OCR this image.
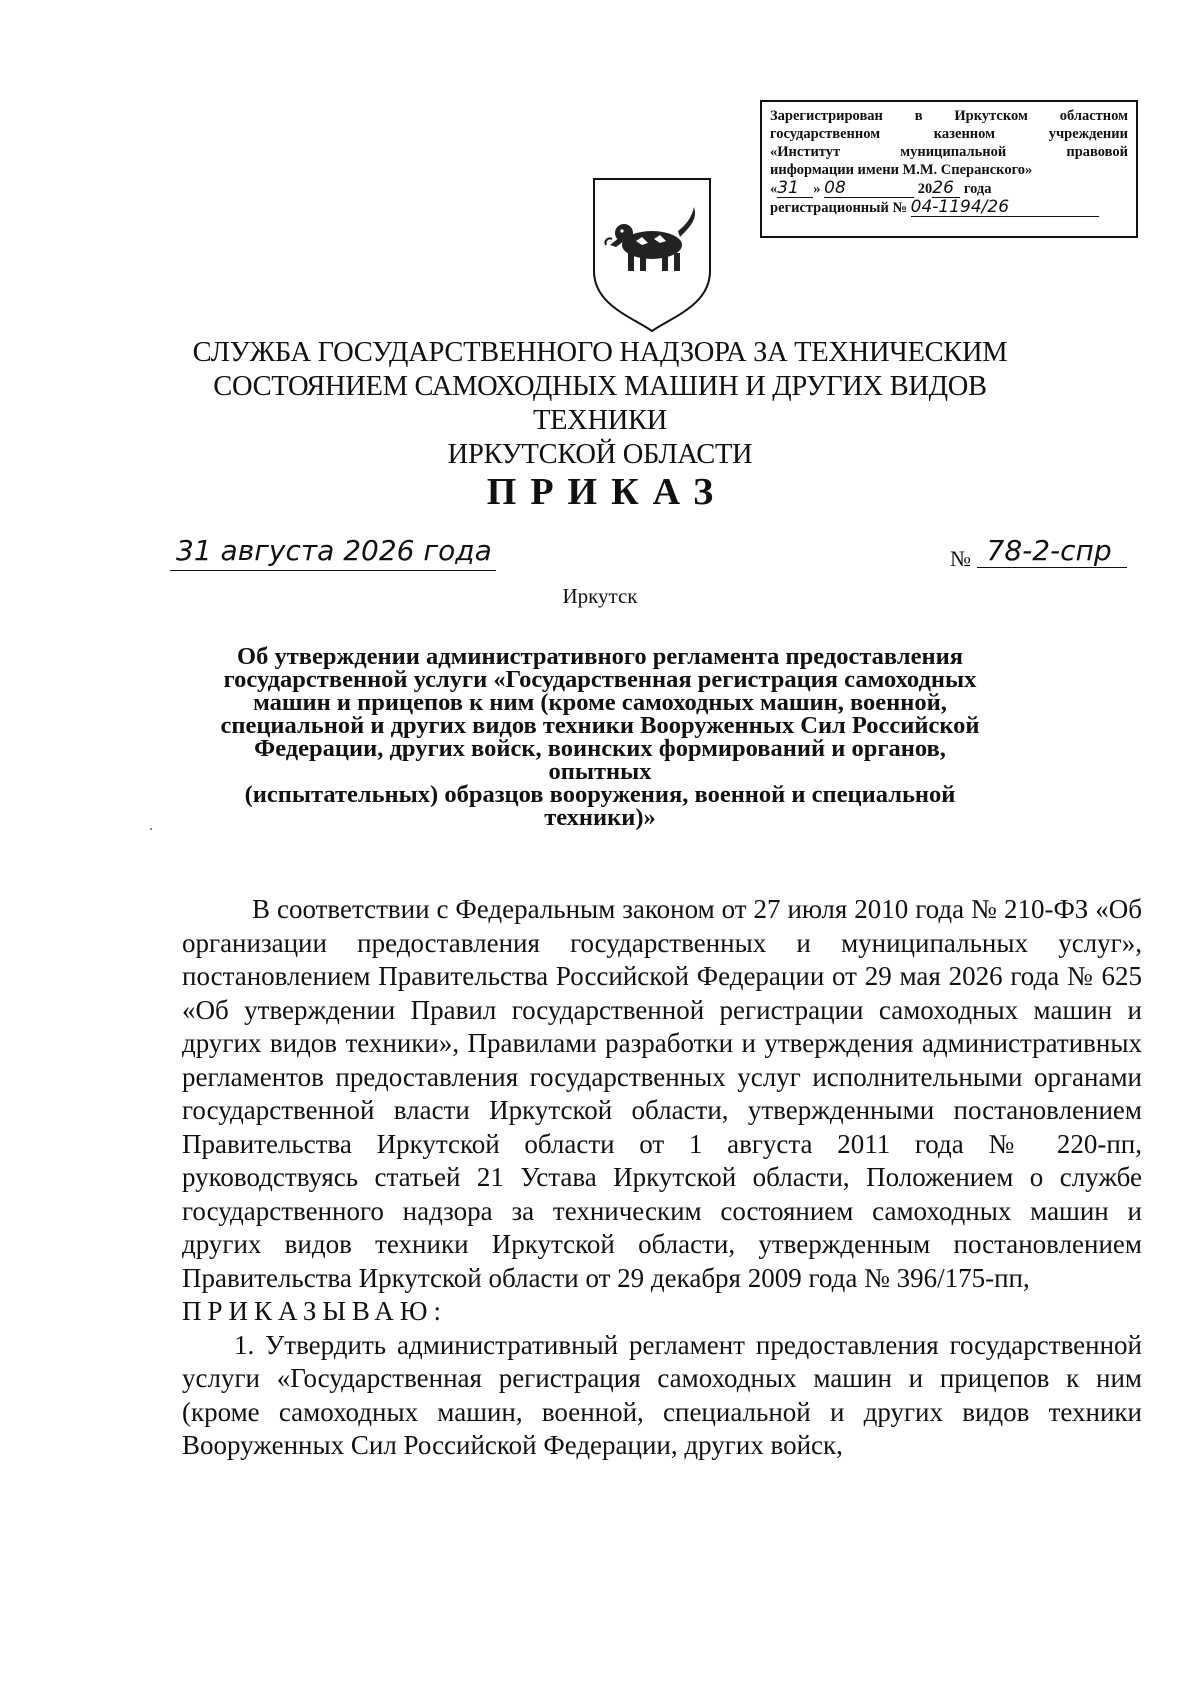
Зарегистрирован в Иркутском областном
государственном казенном учреждении
«Институт муниципальной правовой
информации имени М.М. Сперанского»
«31 » 08	2026 года
регистрационный № 04-1194/26
СЛУЖБА ГОСУДАРСТВЕННОГО НАДЗОРА ЗА ТЕХНИЧЕСКИМ
СОСТОЯНИЕМ САМОХОДНЫХ МАШИН И ДРУГИХ ВИДОВ ТЕХНИКИ
ИРКУТСКОЙ ОБЛАСТИ
ПРИКАЗ
31 августа 2026 года	№ 78-2-спр
Иркутск
Об утверждении административного регламента предоставления
государственной услуги «Государственная регистрация самоходных
машин и прицепов к ним (кроме самоходных машин, военной,
специальной и других видов техники Вооруженных Сил Российской
Федерации, других войск, воинских формирований и органов, опытных
(испытательных) образцов вооружения, военной и специальной
техники)»

В соответствии с Федеральным законом от 27 июля 2010 года № 210-ФЗ «Об организации предоставления государственных и муниципальных услуг», постановлением Правительства Российской Федерации от 29 мая 2026 года № 625 «Об утверждении Правил государственной регистрации самоходных машин и других видов техники», Правилами разработки и утверждения административных регламентов предоставления государственных услуг исполнительными органами государственной власти Иркутской области, утвержденными постановлением Правительства Иркутской области от 1 августа 2011 года № 220-пп, руководствуясь статьей 21 Устава Иркутской области, Положением о службе государственного надзора за техническим состоянием самоходных машин и других видов техники Иркутской области, утвержденным постановлением Правительства Иркутской области от 29 декабря 2009 года № 396/175-пп,

ПРИКАЗЫВАЮ:

1. Утвердить административный регламент предоставления государственной услуги «Государственная регистрация самоходных машин и прицепов к ним (кроме самоходных машин, военной, специальной и других видов техники Вооруженных Сил Российской Федерации, других войск,
